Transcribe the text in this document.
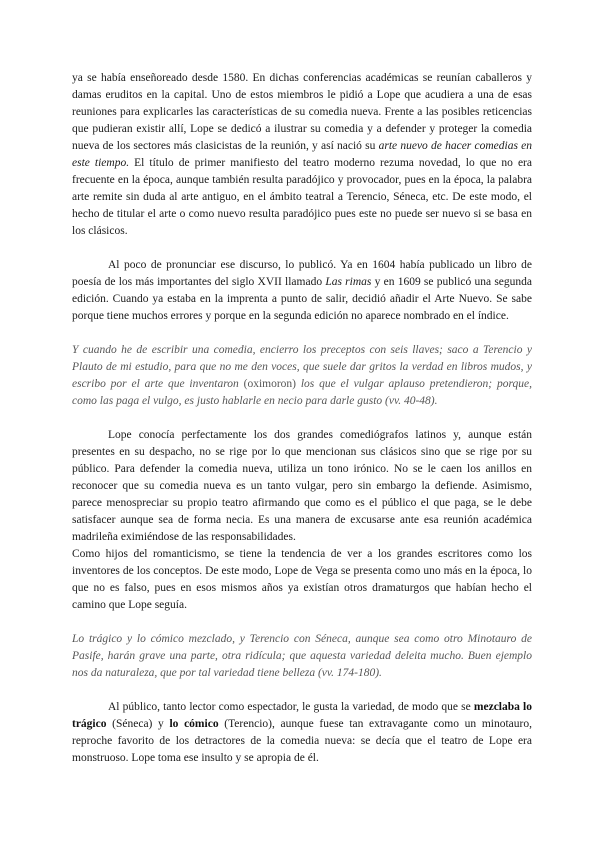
ya se había enseñoreado desde 1580. En dichas conferencias académicas se reunían caballeros y damas eruditos en la capital. Uno de estos miembros le pidió a Lope que acudiera a una de esas reuniones para explicarles las características de su comedia nueva. Frente a las posibles reticencias que pudieran existir allí, Lope se dedicó a ilustrar su comedia y a defender y proteger la comedia nueva de los sectores más clasicistas de la reunión, y así nació su arte nuevo de hacer comedias en este tiempo. El título de primer manifiesto del teatro moderno rezuma novedad, lo que no era frecuente en la época, aunque también resulta paradójico y provocador, pues en la época, la palabra arte remite sin duda al arte antiguo, en el ámbito teatral a Terencio, Séneca, etc. De este modo, el hecho de titular el arte o como nuevo resulta paradójico pues este no puede ser nuevo si se basa en los clásicos.

Al poco de pronunciar ese discurso, lo publicó. Ya en 1604 había publicado un libro de poesía de los más importantes del siglo XVII llamado Las rimas y en 1609 se publicó una segunda edición. Cuando ya estaba en la imprenta a punto de salir, decidió añadir el Arte Nuevo. Se sabe porque tiene muchos errores y porque en la segunda edición no aparece nombrado en el índice.

Y cuando he de escribir una comedia, encierro los preceptos con seis llaves; saco a Terencio y Plauto de mi estudio, para que no me den voces, que suele dar gritos la verdad en libros mudos, y escribo por el arte que inventaron (oximoron) los que el vulgar aplauso pretendieron; porque, como las paga el vulgo, es justo hablarle en necio para darle gusto (vv. 40-48).

Lope conocía perfectamente los dos grandes comediógrafos latinos y, aunque están presentes en su despacho, no se rige por lo que mencionan sus clásicos sino que se rige por su público. Para defender la comedia nueva, utiliza un tono irónico. No se le caen los anillos en reconocer que su comedia nueva es un tanto vulgar, pero sin embargo la defiende. Asimismo, parece menospreciar su propio teatro afirmando que como es el público el que paga, se le debe satisfacer aunque sea de forma necia. Es una manera de excusarse ante esa reunión académica madrileña eximiéndose de las responsabilidades.

Como hijos del romanticismo, se tiene la tendencia de ver a los grandes escritores como los inventores de los conceptos. De este modo, Lope de Vega se presenta como uno más en la época, lo que no es falso, pues en esos mismos años ya existían otros dramaturgos que habían hecho el camino que Lope seguía.

Lo trágico y lo cómico mezclado, y Terencio con Séneca, aunque sea como otro Minotauro de Pasife, harán grave una parte, otra ridícula; que aquesta variedad deleita mucho. Buen ejemplo nos da naturaleza, que por tal variedad tiene belleza (vv. 174-180).

Al público, tanto lector como espectador, le gusta la variedad, de modo que se mezclaba lo trágico (Séneca) y lo cómico (Terencio), aunque fuese tan extravagante como un minotauro, reproche favorito de los detractores de la comedia nueva: se decía que el teatro de Lope era monstruoso. Lope toma ese insulto y se apropia de él.
